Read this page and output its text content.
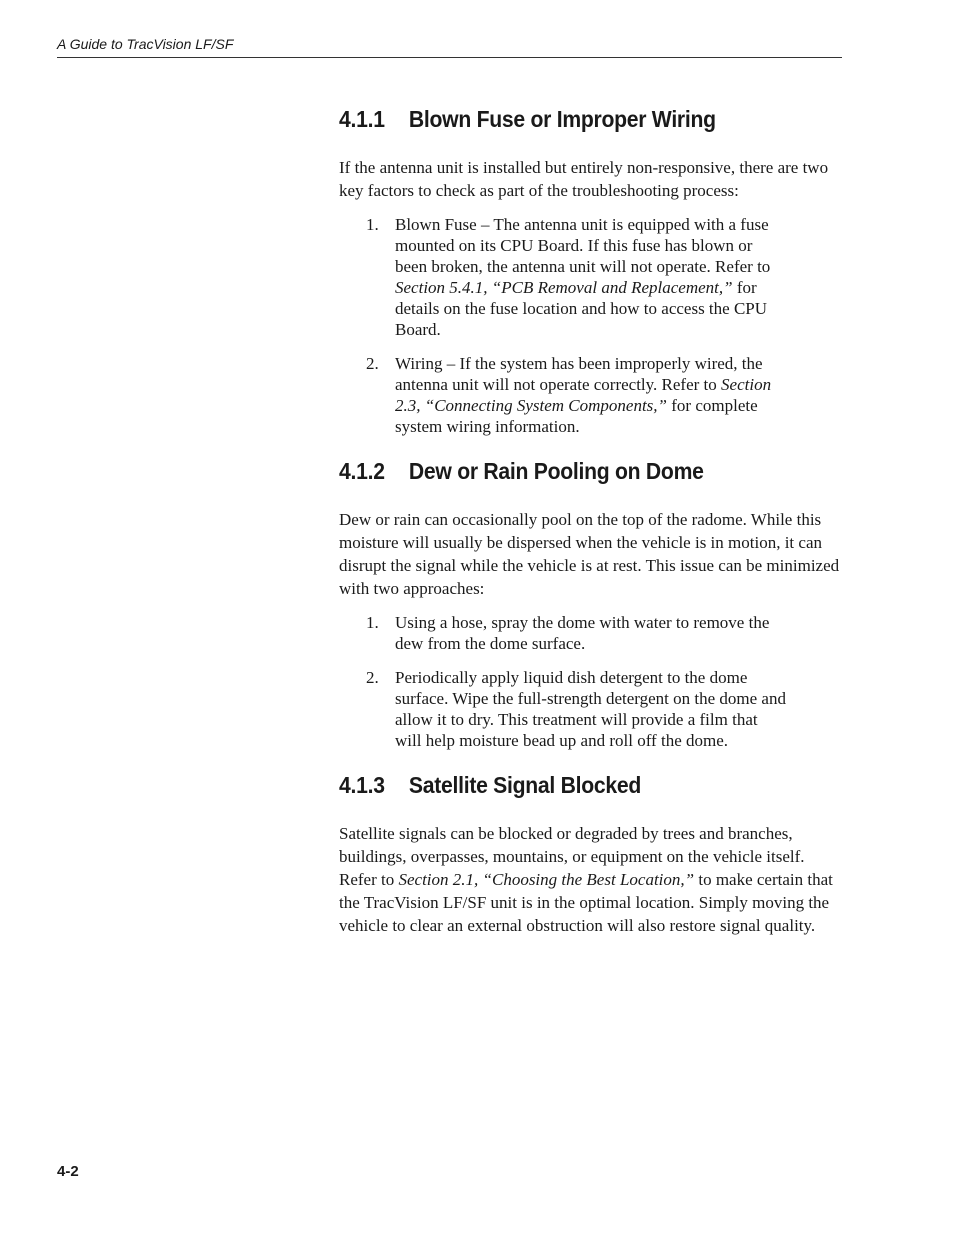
A Guide to TracVision LF/SF
4.1.1 Blown Fuse or Improper Wiring

If the antenna unit is installed but entirely non-responsive, there are two key factors to check as part of the troubleshooting process:

1. Blown Fuse – The antenna unit is equipped with a fuse mounted on its CPU Board. If this fuse has blown or been broken, the antenna unit will not operate. Refer to Section 5.4.1, “PCB Removal and Replacement,” for details on the fuse location and how to access the CPU Board.
2. Wiring – If the system has been improperly wired, the antenna unit will not operate correctly. Refer to Section 2.3, “Connecting System Components,” for complete system wiring information.
4.1.2 Dew or Rain Pooling on Dome

Dew or rain can occasionally pool on the top of the radome. While this moisture will usually be dispersed when the vehicle is in motion, it can disrupt the signal while the vehicle is at rest. This issue can be minimized with two approaches:

1. Using a hose, spray the dome with water to remove the dew from the dome surface.
2. Periodically apply liquid dish detergent to the dome surface. Wipe the full-strength detergent on the dome and allow it to dry. This treatment will provide a film that will help moisture bead up and roll off the dome.
4.1.3 Satellite Signal Blocked

Satellite signals can be blocked or degraded by trees and branches, buildings, overpasses, mountains, or equipment on the vehicle itself. Refer to Section 2.1, “Choosing the Best Location,” to make certain that the TracVision LF/SF unit is in the optimal location. Simply moving the vehicle to clear an external obstruction will also restore signal quality.

4-2
